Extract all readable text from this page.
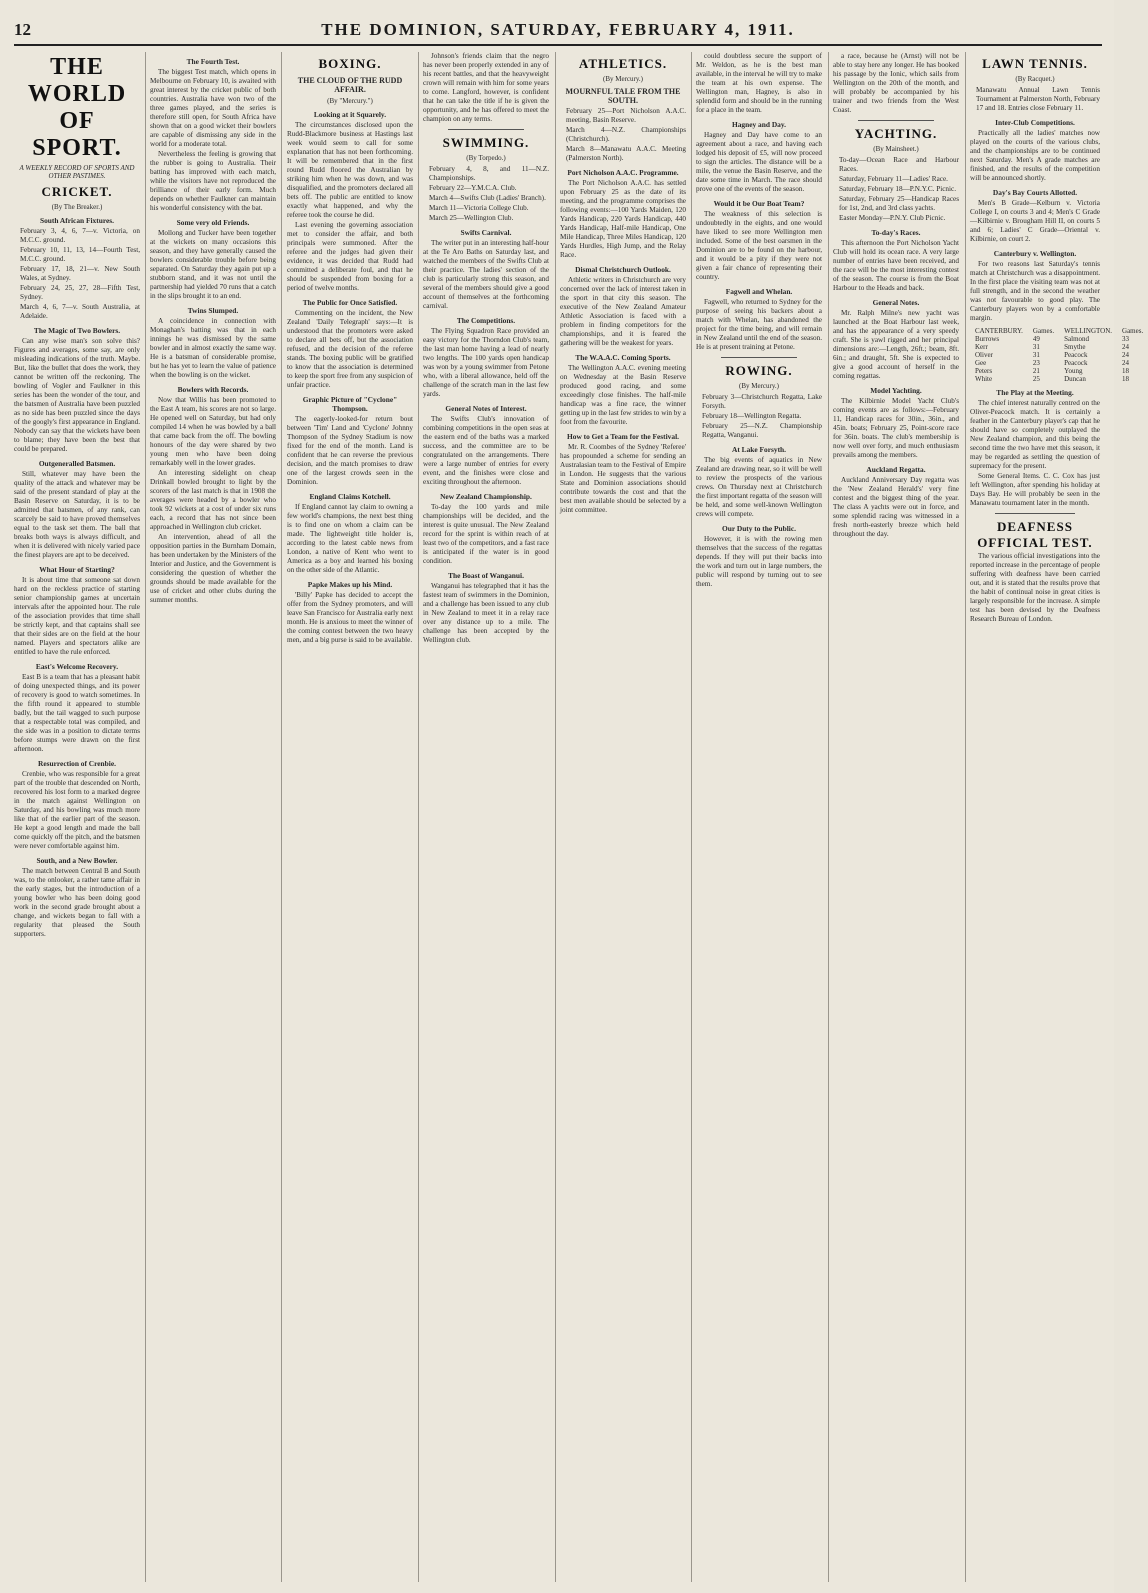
12	THE DOMINION, SATURDAY, FEBRUARY 4, 1911.
THE WORLD OF SPORT.
A WEEKLY RECORD OF SPORTS AND OTHER PASTIMES.
CRICKET.
(By The Breaker.)
South African Fixtures.

February 3, 4, 6, 7—v. Victoria, on M.C.C. ground.

February 10, 11, 13, 14—Fourth Test, M.C.C. ground.

February 17, 18, 21—v. New South Wales, at Sydney.

February 24, 25, 27, 28—Fifth Test, Sydney.

March 4, 6, 7—v. South Australia, at Adelaide.

The Magic of Two Bowlers.

Can any wise man's son solve this? Figures and averages, some say, are only misleading indications of the truth. Maybe. But, like the bullet that does the work, they cannot be written off the reckoning. The bowling of Vogler and Faulkner in this series has been the wonder of the tour, and the batsmen of Australia have been puzzled as no side has been puzzled since the days of the googly's first appearance in England. Nobody can say that the wickets have been to blame; they have been the best that could be prepared.

Outgeneralled Batsmen.

Still, whatever may have been the quality of the attack and whatever may be said of the present standard of play at the Basin Reserve on Saturday, it is to be admitted that batsmen, of any rank, can scarcely be said to have proved themselves equal to the task set them. The ball that breaks both ways is always difficult, and when it is delivered with nicely varied pace the finest players are apt to be deceived.

What Hour of Starting?

It is about time that someone sat down hard on the reckless practice of starting senior championship games at uncertain intervals after the appointed hour. The rule of the association provides that time shall be strictly kept, and that captains shall see that their sides are on the field at the hour named. Players and spectators alike are entitled to have the rule enforced.

East's Welcome Recovery.

East B is a team that has a pleasant habit of doing unexpected things, and its power of recovery is good to watch sometimes. In the fifth round it appeared to stumble badly, but the tail wagged to such purpose that a respectable total was compiled, and the side was in a position to dictate terms before stumps were drawn on the first afternoon.

Resurrection of Crenbie.

Crenbie, who was responsible for a great part of the trouble that descended on North, recovered his lost form to a marked degree in the match against Wellington on Saturday, and his bowling was much more like that of the earlier part of the season. He kept a good length and made the ball come quickly off the pitch, and the batsmen were never comfortable against him.

South, and a New Bowler.

The match between Central B and South was, to the onlooker, a rather tame affair in the early stages, but the introduction of a young bowler who has been doing good work in the second grade brought about a change, and wickets began to fall with a regularity that pleased the South supporters.

The Fourth Test.

The biggest Test match, which opens in Melbourne on February 10, is awaited with great interest by the cricket public of both countries. Australia have won two of the three games played, and the series is therefore still open, for South Africa have shown that on a good wicket their bowlers are capable of dismissing any side in the world for a moderate total.

Nevertheless the feeling is growing that the rubber is going to Australia. Their batting has improved with each match, while the visitors have not reproduced the brilliance of their early form. Much depends on whether Faulkner can maintain his wonderful consistency with the bat.

Some very old Friends.

Mollong and Tucker have been together at the wickets on many occasions this season, and they have generally caused the bowlers considerable trouble before being separated. On Saturday they again put up a stubborn stand, and it was not until the partnership had yielded 70 runs that a catch in the slips brought it to an end.

Twins Slumped.

A coincidence in connection with Monaghan's batting was that in each innings he was dismissed by the same bowler and in almost exactly the same way. He is a batsman of considerable promise, but he has yet to learn the value of patience when the bowling is on the wicket.

Bowlers with Records.

Now that Willis has been promoted to the East A team, his scores are not so large. He opened well on Saturday, but had only compiled 14 when he was bowled by a ball that came back from the off. The bowling honours of the day were shared by two young men who have been doing remarkably well in the lower grades.

An interesting sidelight on cheap Drinkall bowled brought to light by the scorers of the last match is that in 1908 the averages were headed by a bowler who took 92 wickets at a cost of under six runs each, a record that has not since been approached in Wellington club cricket.

An intervention, ahead of all the opposition parties in the Burnham Domain, has been undertaken by the Ministers of the Interior and Justice, and the Government is considering the question of whether the grounds should be made available for the use of cricket and other clubs during the summer months.

BOXING.
THE CLOUD OF THE RUDD AFFAIR.
(By "Mercury.")
Looking at it Squarely.

The circumstances disclosed upon the Rudd-Blackmore business at Hastings last week would seem to call for some explanation that has not been forthcoming. It will be remembered that in the first round Rudd floored the Australian by striking him when he was down, and was disqualified, and the promoters declared all bets off. The public are entitled to know exactly what happened, and why the referee took the course he did.

Last evening the governing association met to consider the affair, and both principals were summoned. After the referee and the judges had given their evidence, it was decided that Rudd had committed a deliberate foul, and that he should be suspended from boxing for a period of twelve months.

The Public for Once Satisfied.

Commenting on the incident, the New Zealand 'Daily Telegraph' says:—It is understood that the promoters were asked to declare all bets off, but the association refused, and the decision of the referee stands. The boxing public will be gratified to know that the association is determined to keep the sport free from any suspicion of unfair practice.

Graphic Picture of "Cyclone" Thompson.

The eagerly-looked-for return bout between 'Tim' Land and 'Cyclone' Johnny Thompson of the Sydney Stadium is now fixed for the end of the month. Land is confident that he can reverse the previous decision, and the match promises to draw one of the largest crowds seen in the Dominion.

England Claims Kotchell.

If England cannot lay claim to owning a few world's champions, the next best thing is to find one on whom a claim can be made. The lightweight title holder is, according to the latest cable news from London, a native of Kent who went to America as a boy and learned his boxing on the other side of the Atlantic.

Papke Makes up his Mind.

'Billy' Papke has decided to accept the offer from the Sydney promoters, and will leave San Francisco for Australia early next month. He is anxious to meet the winner of the coming contest between the two heavy men, and a big purse is said to be available.

Johnson's friends claim that the negro has never been properly extended in any of his recent battles, and that the heavyweight crown will remain with him for some years to come. Langford, however, is confident that he can take the title if he is given the opportunity, and he has offered to meet the champion on any terms.

SWIMMING.
(By Torpedo.)

February 4, 8, and 11—N.Z. Championships.

February 22—Y.M.C.A. Club.

March 4—Swifts Club (Ladies' Branch).

March 11—Victoria College Club.

March 25—Wellington Club.

Swifts Carnival.

The writer put in an interesting half-hour at the Te Aro Baths on Saturday last, and watched the members of the Swifts Club at their practice. The ladies' section of the club is particularly strong this season, and several of the members should give a good account of themselves at the forthcoming carnival.

The Competitions.

The Flying Squadron Race provided an easy victory for the Thorndon Club's team, the last man home having a lead of nearly two lengths. The 100 yards open handicap was won by a young swimmer from Petone who, with a liberal allowance, held off the challenge of the scratch man in the last few yards.

General Notes of Interest.

The Swifts Club's innovation of combining competitions in the open seas at the eastern end of the baths was a marked success, and the committee are to be congratulated on the arrangements. There were a large number of entries for every event, and the finishes were close and exciting throughout the afternoon.

New Zealand Championship.

To-day the 100 yards and mile championships will be decided, and the interest is quite unusual. The New Zealand record for the sprint is within reach of at least two of the competitors, and a fast race is anticipated if the water is in good condition.

The Boast of Wanganui.

Wanganui has telegraphed that it has the fastest team of swimmers in the Dominion, and a challenge has been issued to any club in New Zealand to meet it in a relay race over any distance up to a mile. The challenge has been accepted by the Wellington club.

ATHLETICS.
(By Mercury.)
MOURNFUL TALE FROM THE SOUTH.

February 25—Port Nicholson A.A.C. meeting, Basin Reserve.

March 4—N.Z. Championships (Christchurch).

March 8—Manawatu A.A.C. Meeting (Palmerston North).

Port Nicholson A.A.C. Programme.

The Port Nicholson A.A.C. has settled upon February 25 as the date of its meeting, and the programme comprises the following events:—100 Yards Maiden, 120 Yards Handicap, 220 Yards Handicap, 440 Yards Handicap, Half-mile Handicap, One Mile Handicap, Three Miles Handicap, 120 Yards Hurdles, High Jump, and the Relay Race.

Dismal Christchurch Outlook.

Athletic writers in Christchurch are very concerned over the lack of interest taken in the sport in that city this season. The executive of the New Zealand Amateur Athletic Association is faced with a problem in finding competitors for the championships, and it is feared the gathering will be the weakest for years.

The W.A.A.C. Coming Sports.

The Wellington A.A.C. evening meeting on Wednesday at the Basin Reserve produced good racing, and some exceedingly close finishes. The half-mile handicap was a fine race, the winner getting up in the last few strides to win by a foot from the favourite.

How to Get a Team for the Festival.

Mr. R. Coombes of the Sydney 'Referee' has propounded a scheme for sending an Australasian team to the Festival of Empire in London. He suggests that the various State and Dominion associations should contribute towards the cost and that the best men available should be selected by a joint committee.

could doubtless secure the support of Mr. Weldon, as he is the best man available, in the interval he will try to make the team at his own expense. The Wellington man, Hagney, is also in splendid form and should be in the running for a place in the team.

Hagney and Day.

Hagney and Day have come to an agreement about a race, and having each lodged his deposit of £5, will now proceed to sign the articles. The distance will be a mile, the venue the Basin Reserve, and the date some time in March. The race should prove one of the events of the season.

Would it be Our Boat Team?

The weakness of this selection is undoubtedly in the eights, and one would have liked to see more Wellington men included. Some of the best oarsmen in the Dominion are to be found on the harbour, and it would be a pity if they were not given a fair chance of representing their country.

Fagwell and Whelan.

Fagwell, who returned to Sydney for the purpose of seeing his backers about a match with Whelan, has abandoned the project for the time being, and will remain in New Zealand until the end of the season. He is at present training at Petone.

ROWING.
(By Mercury.)

February 3—Christchurch Regatta, Lake Forsyth.

February 18—Wellington Regatta.

February 25—N.Z. Championship Regatta, Wanganui.

At Lake Forsyth.

The big events of aquatics in New Zealand are drawing near, so it will be well to review the prospects of the various crews. On Thursday next at Christchurch the first important regatta of the season will be held, and some well-known Wellington crews will compete.

Our Duty to the Public.

However, it is with the rowing men themselves that the success of the regattas depends. If they will put their backs into the work and turn out in large numbers, the public will respond by turning out to see them.

a race, because he (Arnst) will not be able to stay here any longer. He has booked his passage by the Ionic, which sails from Wellington on the 20th of the month, and will probably be accompanied by his trainer and two friends from the West Coast.

YACHTING.
(By Mainsheet.)

To-day—Ocean Race and Harbour Races.

Saturday, February 11—Ladies' Race.

Saturday, February 18—P.N.Y.C. Picnic.

Saturday, February 25—Handicap Races for 1st, 2nd, and 3rd class yachts.

Easter Monday—P.N.Y. Club Picnic.

To-day's Races.

This afternoon the Port Nicholson Yacht Club will hold its ocean race. A very large number of entries have been received, and the race will be the most interesting contest of the season. The course is from the Boat Harbour to the Heads and back.

General Notes.

Mr. Ralph Milne's new yacht was launched at the Boat Harbour last week, and has the appearance of a very speedy craft. She is yawl rigged and her principal dimensions are:—Length, 26ft.; beam, 8ft. 6in.; and draught, 5ft. She is expected to give a good account of herself in the coming regattas.

Model Yachting.

The Kilbirnie Model Yacht Club's coming events are as follows:—February 11, Handicap races for 30in., 36in., and 45in. boats; February 25, Point-score race for 36in. boats. The club's membership is now well over forty, and much enthusiasm prevails among the members.

Auckland Regatta.

Auckland Anniversary Day regatta was the 'New Zealand Herald's' very fine contest and the biggest thing of the year. The class A yachts were out in force, and some splendid racing was witnessed in a fresh north-easterly breeze which held throughout the day.

LAWN TENNIS.
(By Racquet.)

Manawatu Annual Lawn Tennis Tournament at Palmerston North, February 17 and 18. Entries close February 11.

Inter-Club Competitions.

Practically all the ladies' matches now played on the courts of the various clubs, and the championships are to be continued next Saturday. Men's A grade matches are finished, and the results of the competition will be announced shortly.

Day's Bay Courts Allotted.

Men's B Grade—Kelburn v. Victoria College I, on courts 3 and 4; Men's C Grade—Kilbirnie v. Brougham Hill II, on courts 5 and 6; Ladies' C Grade—Oriental v. Kilbirnie, on court 2.

Canterbury v. Wellington.

For two reasons last Saturday's tennis match at Christchurch was a disappointment. In the first place the visiting team was not at full strength, and in the second the weather was not favourable to good play. The Canterbury players won by a comfortable margin.

CANTERBURY.	Games.	WELLINGTON.	Games.
Burrows	49	Salmond	33
Kerr	31	Smythe	24
Oliver	31	Peacock	24
Gee	23	Peacock	24
Peters	21	Young	18
White	25	Duncan	18
The Play at the Meeting.

The chief interest naturally centred on the Oliver-Peacock match. It is certainly a feather in the Canterbury player's cap that he should have so completely outplayed the New Zealand champion, and this being the second time the two have met this season, it may be regarded as settling the question of supremacy for the present.

Some General Items. C. C. Cox has just left Wellington, after spending his holiday at Days Bay. He will probably be seen in the Manawatu tournament later in the month.

DEAFNESS OFFICIAL TEST.

The various official investigations into the reported increase in the percentage of people suffering with deafness have been carried out, and it is stated that the results prove that the habit of continual noise in great cities is largely responsible for the increase. A simple test has been devised by the Deafness Research Bureau of London.
